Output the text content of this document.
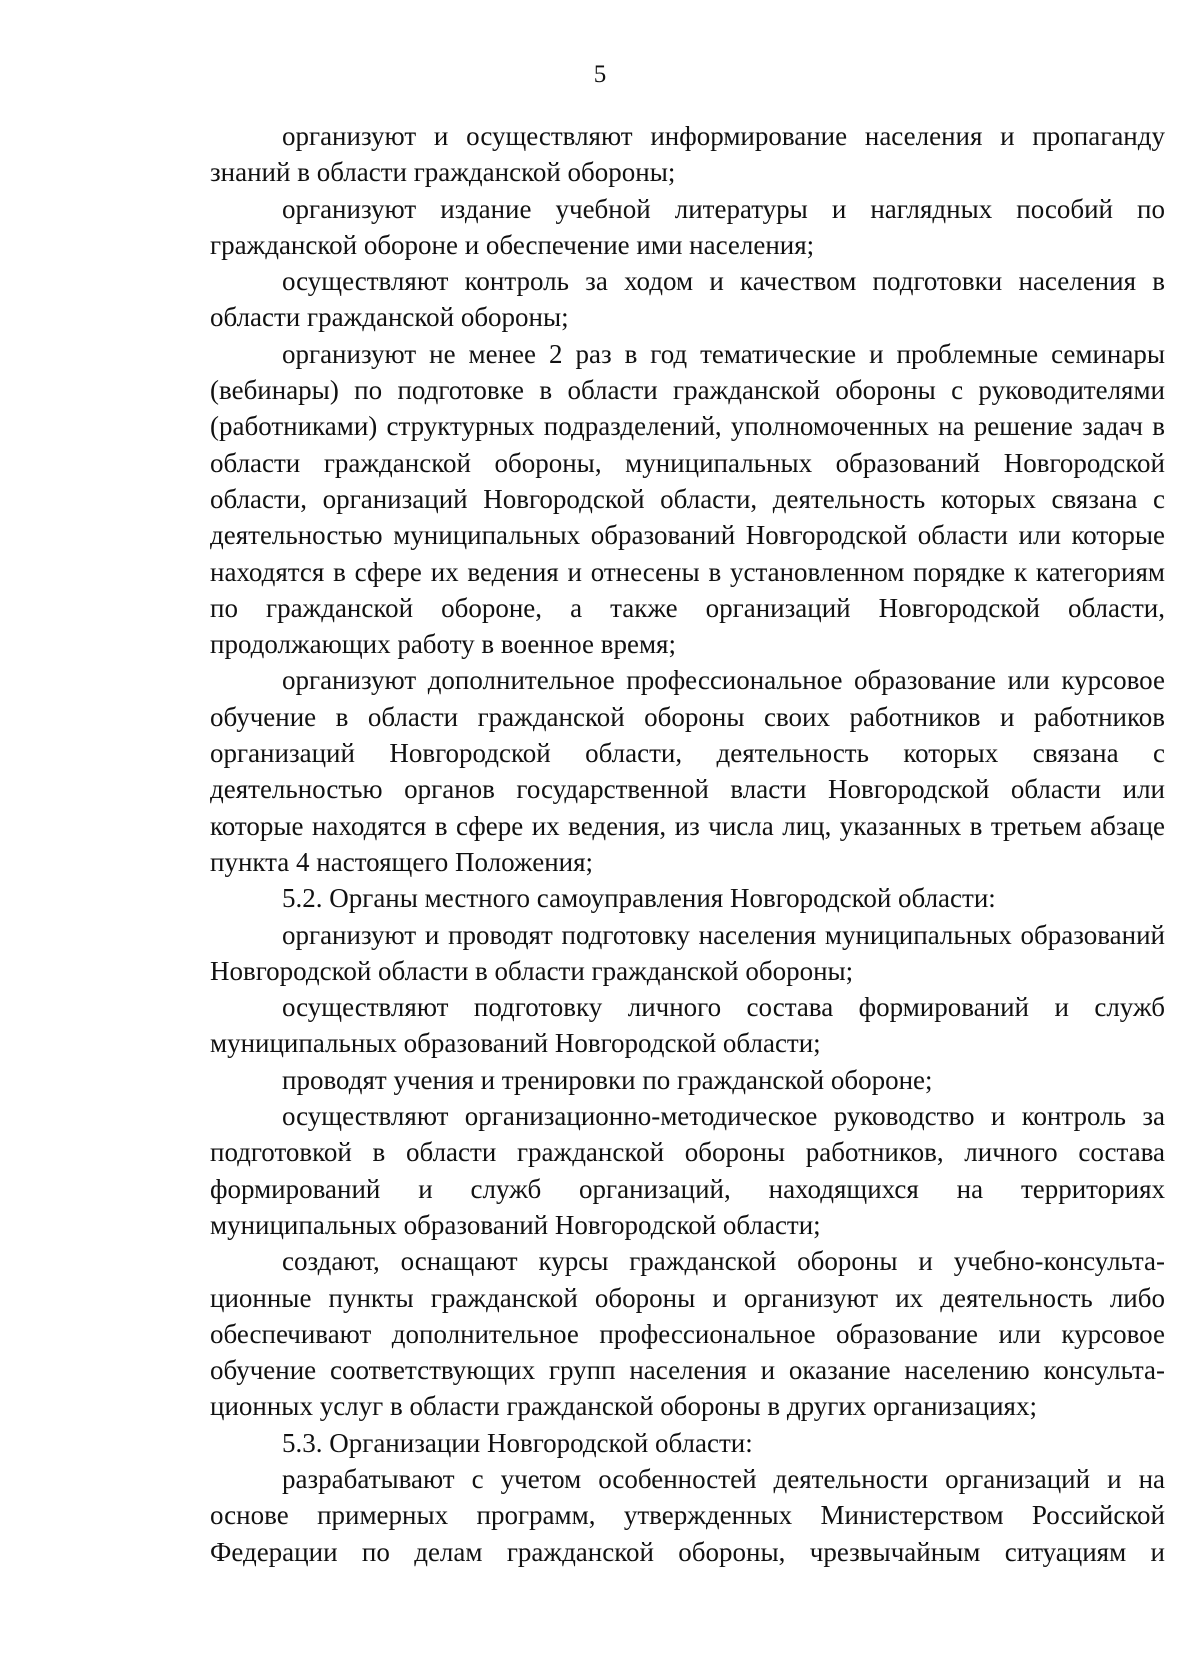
5

организуют и осуществляют информирование населения и пропаганду знаний в области гражданской обороны;

организуют издание учебной литературы и наглядных пособий по гражданской обороне и обеспечение ими населения;

осуществляют контроль за ходом и качеством подготовки населения в области гражданской обороны;

организуют не менее 2 раз в год тематические и проблемные семинары (вебинары) по подготовке в области гражданской обороны с руководителями (работниками) структурных подразделений, уполномоченных на решение задач в области гражданской обороны, муниципальных образований Новгородской области, организаций Новгородской области, деятельность которых связана с деятельностью муниципальных образований Новгородской области или которые находятся в сфере их ведения и отнесены в установленном порядке к категориям по гражданской обороне, а также организаций Новгородской области, продолжающих работу в военное время;

организуют дополнительное профессиональное образование или курсовое обучение в области гражданской обороны своих работников и работников организаций Новгородской области, деятельность которых связана с деятельностью органов государственной власти Новгородской области или которые находятся в сфере их ведения, из числа лиц, указанных в третьем абзаце пункта 4 настоящего Положения;

5.2. Органы местного самоуправления Новгородской области:

организуют и проводят подготовку населения муниципальных образований Новгородской области в области гражданской обороны;

осуществляют подготовку личного состава формирований и служб муниципальных образований Новгородской области;

проводят учения и тренировки по гражданской обороне;

осуществляют организационно-методическое руководство и контроль за подготовкой в области гражданской обороны работников, личного состава формирований и служб организаций, находящихся на территориях муниципальных образований Новгородской области;

создают, оснащают курсы гражданской обороны и учебно-консультационные пункты гражданской обороны и организуют их деятельность либо обеспечивают дополнительное профессиональное образование или курсовое обучение соответствующих групп населения и оказание населению консультационных услуг в области гражданской обороны в других организациях;

5.3. Организации Новгородской области:

разрабатывают с учетом особенностей деятельности организаций и на основе примерных программ, утвержденных Министерством Российской Федерации по делам гражданской обороны, чрезвычайным ситуациям и
